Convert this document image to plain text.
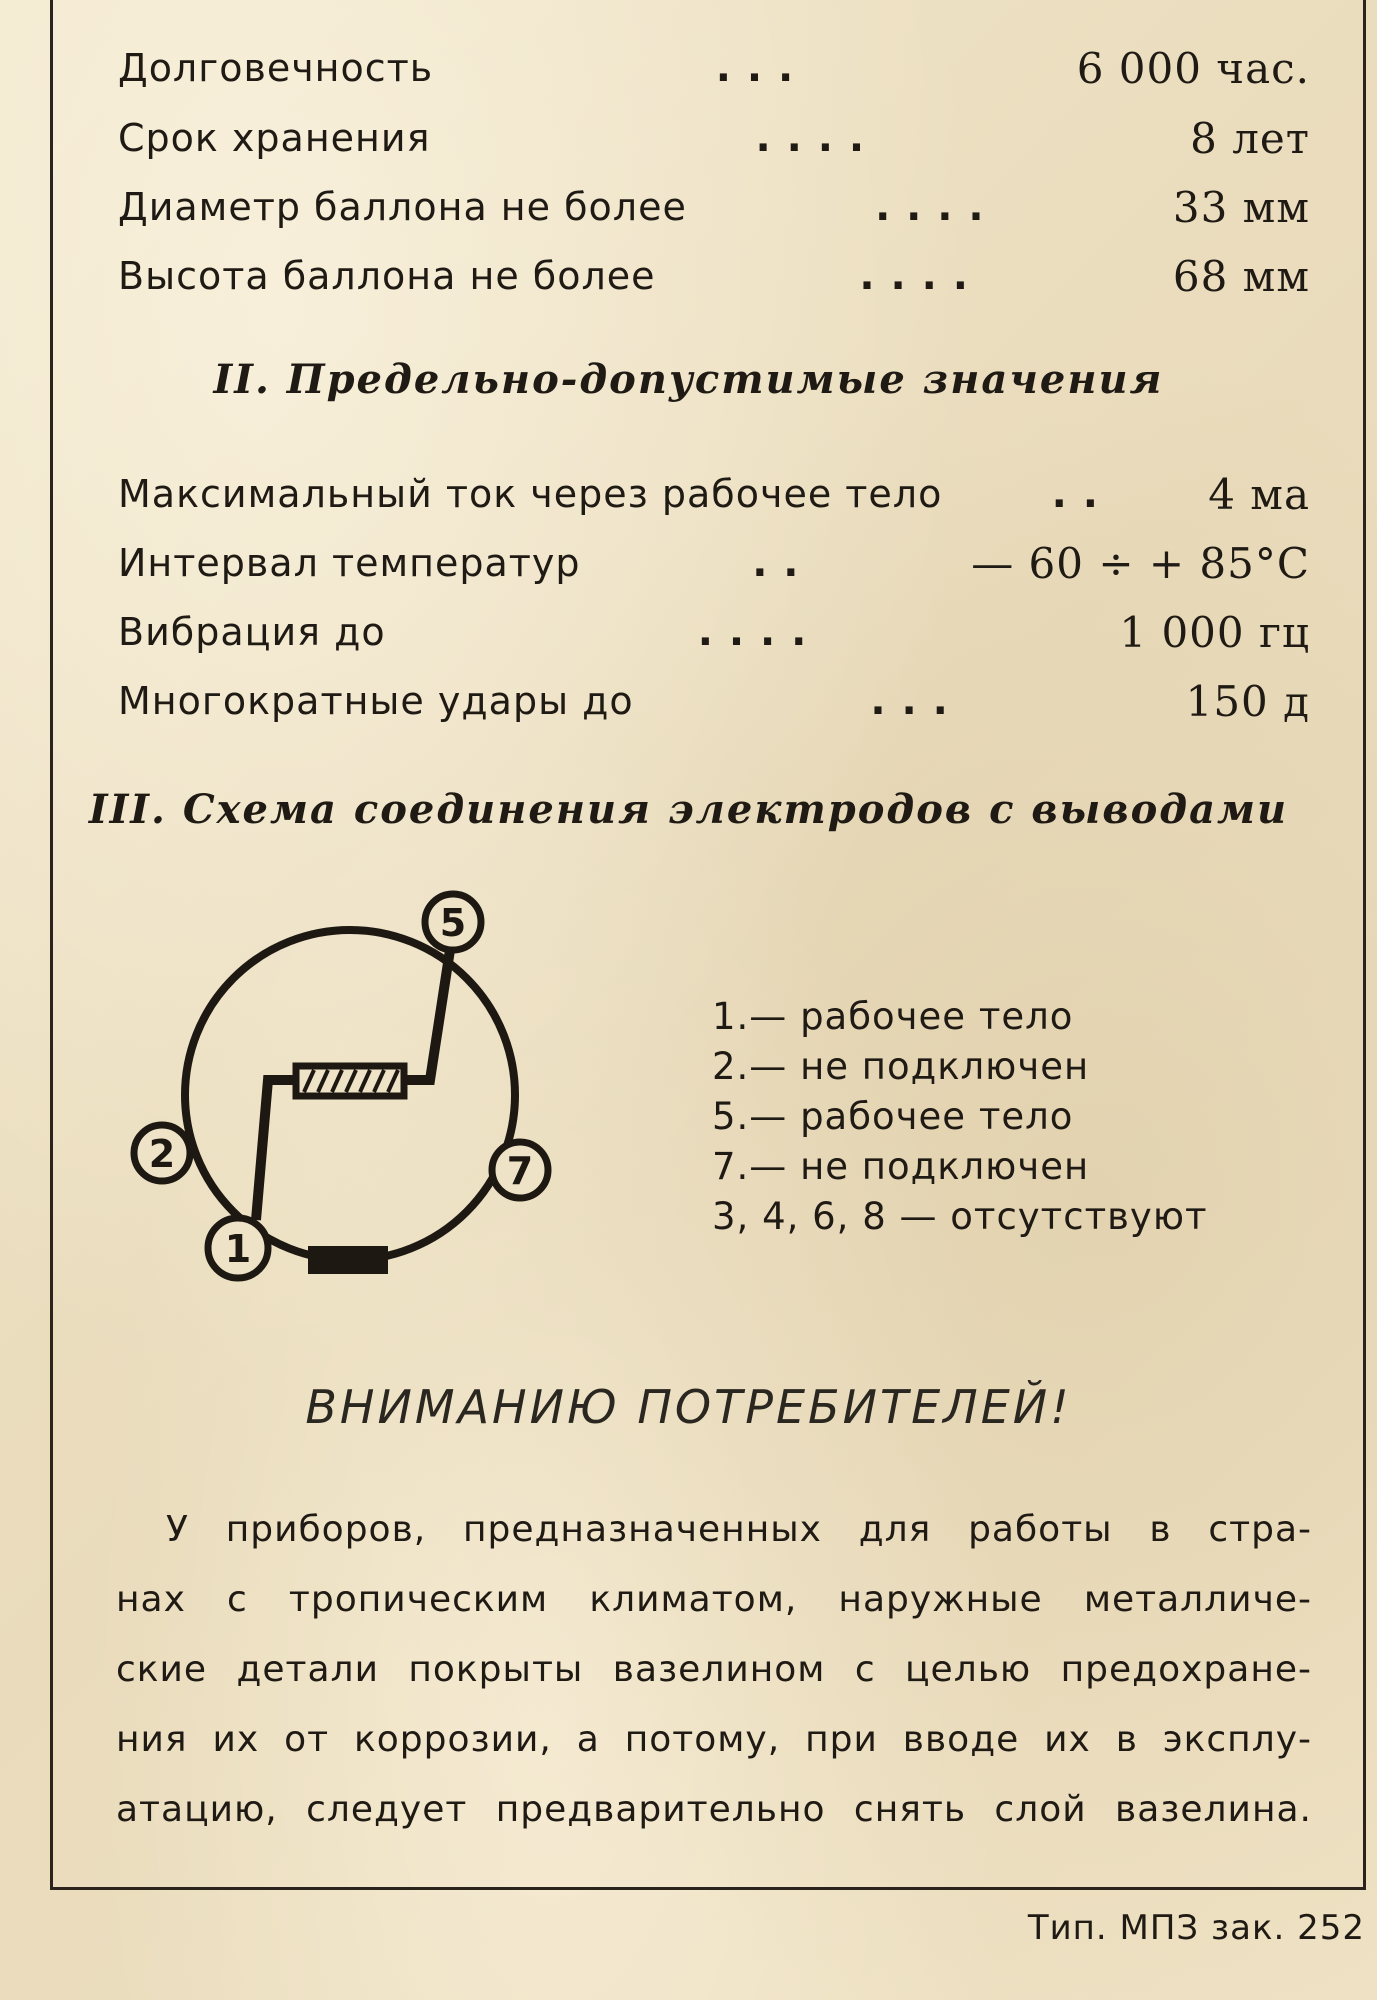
Долговечность	. . .	6 000 час.
Срок хранения	. . . .	8 лет
Диаметр баллона не более	. . . .	33 мм
Высота баллона не более	. . . .	68 мм
II. Предельно-допустимые значения
Максимальный ток через рабочее тело	. .	4 ма
Интервал температур	. .	— 60 ÷ + 85°C
Вибрация до	. . . .	1 000 гц
Многократные удары до	. . .	150 д
III. Схема соединения электродов с выводами
5
2	7
1
1.— рабочее тело
2.— не подключен
5.— рабочее тело
7.— не подключен
3, 4, 6, 8 — отсутствуют
ВНИМАНИЮ ПОТРЕБИТЕЛЕЙ!
У приборов, предназначенных для работы в стра-
нах с тропическим климатом, наружные металличе-
ские детали покрыты вазелином с целью предохране-
ния их от коррозии, а потому, при вводе их в эксплу-
атацию, следует предварительно снять слой вазелина.
Тип. МПЗ зак. 252
